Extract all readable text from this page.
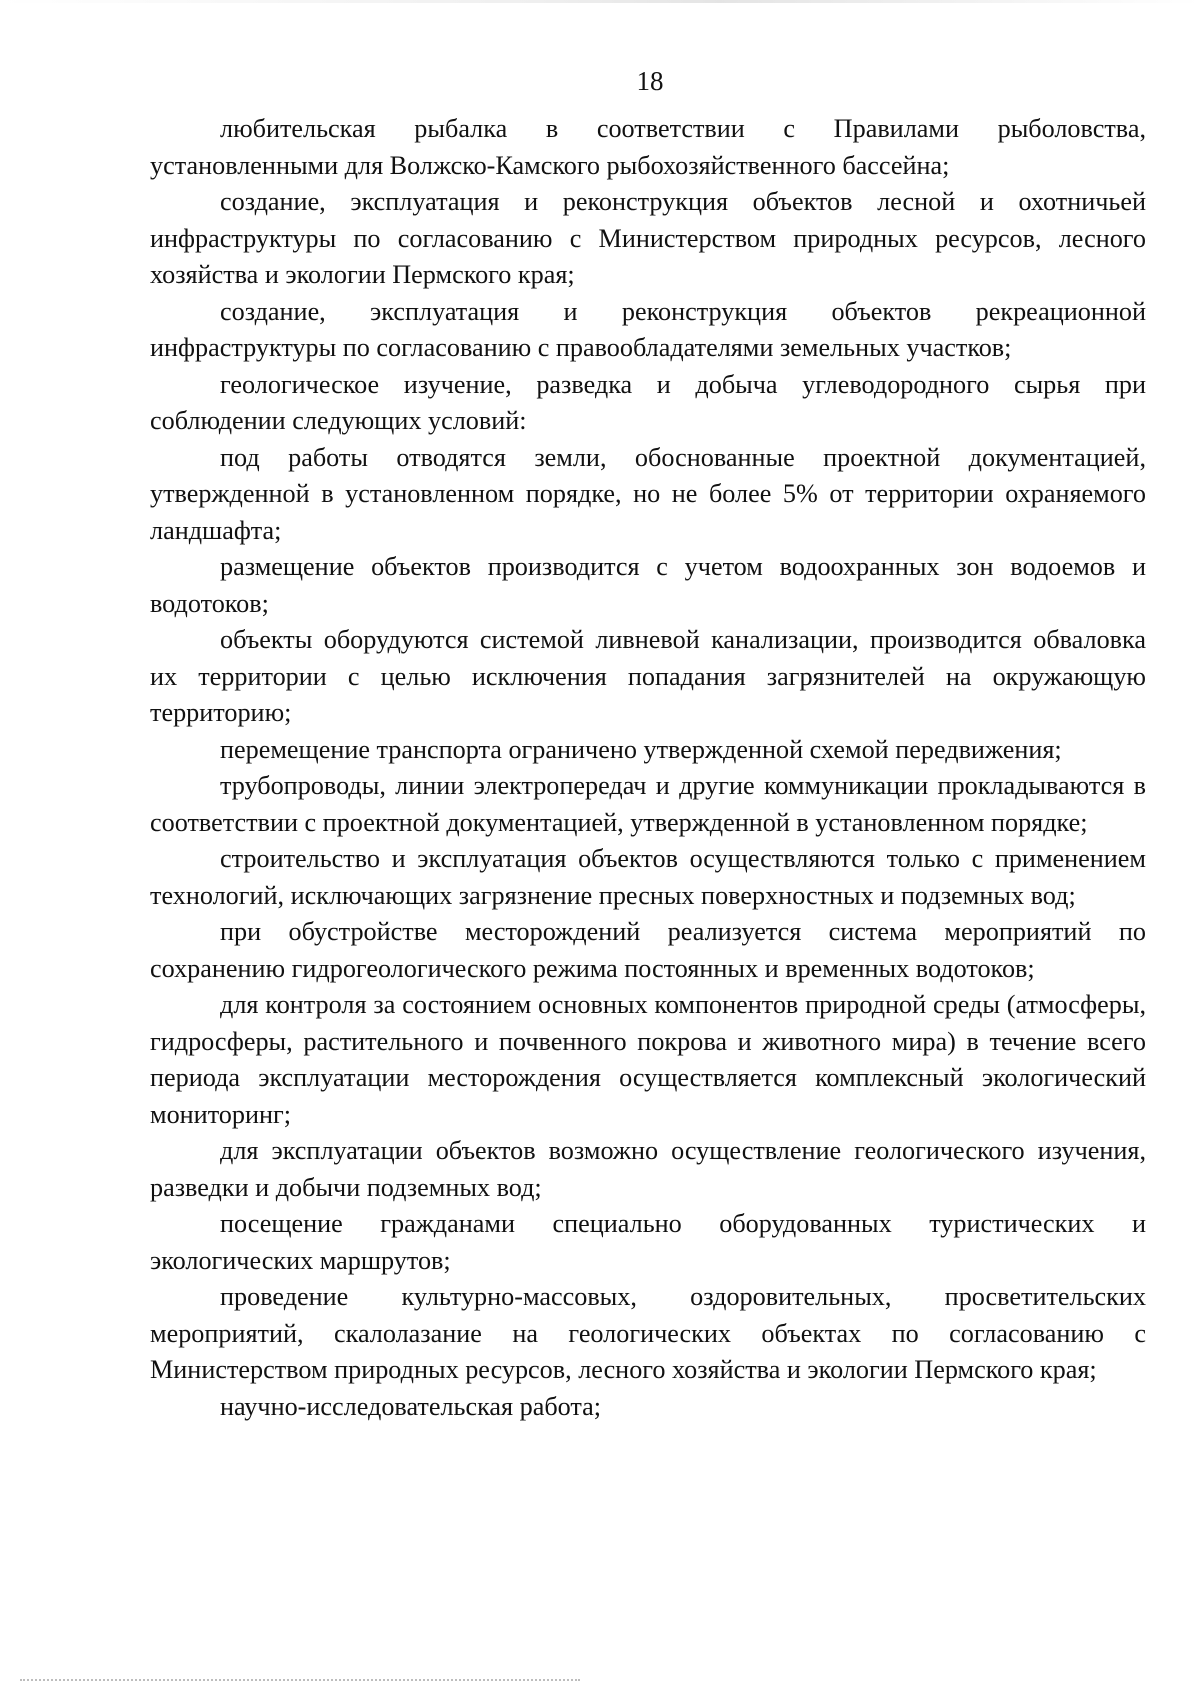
18

любительская рыбалка в соответствии с Правилами рыболовства, установленными для Волжско-Камского рыбохозяйственного бассейна;

создание, эксплуатация и реконструкция объектов лесной и охотничьей инфраструктуры по согласованию с Министерством природных ресурсов, лесного хозяйства и экологии Пермского края;

создание, эксплуатация и реконструкция объектов рекреационной инфраструктуры по согласованию с правообладателями земельных участков;

геологическое изучение, разведка и добыча углеводородного сырья при соблюдении следующих условий:

под работы отводятся земли, обоснованные проектной документацией, утвержденной в установленном порядке, но не более 5% от территории охраняемого ландшафта;

размещение объектов производится с учетом водоохранных зон водоемов и водотоков;

объекты оборудуются системой ливневой канализации, производится обваловка их территории с целью исключения попадания загрязнителей на окружающую территорию;

перемещение транспорта ограничено утвержденной схемой передвижения;

трубопроводы, линии электропередач и другие коммуникации прокладываются в соответствии с проектной документацией, утвержденной в установленном порядке;

строительство и эксплуатация объектов осуществляются только с применением технологий, исключающих загрязнение пресных поверхностных и подземных вод;

при обустройстве месторождений реализуется система мероприятий по сохранению гидрогеологического режима постоянных и временных водотоков;

для контроля за состоянием основных компонентов природной среды (атмосферы, гидросферы, растительного и почвенного покрова и животного мира) в течение всего периода эксплуатации месторождения осуществляется комплексный экологический мониторинг;

для эксплуатации объектов возможно осуществление геологического изучения, разведки и добычи подземных вод;

посещение гражданами специально оборудованных туристических и экологических маршрутов;

проведение культурно-массовых, оздоровительных, просветительских мероприятий, скалолазание на геологических объектах по согласованию с Министерством природных ресурсов, лесного хозяйства и экологии Пермского края;

научно-исследовательская работа;
